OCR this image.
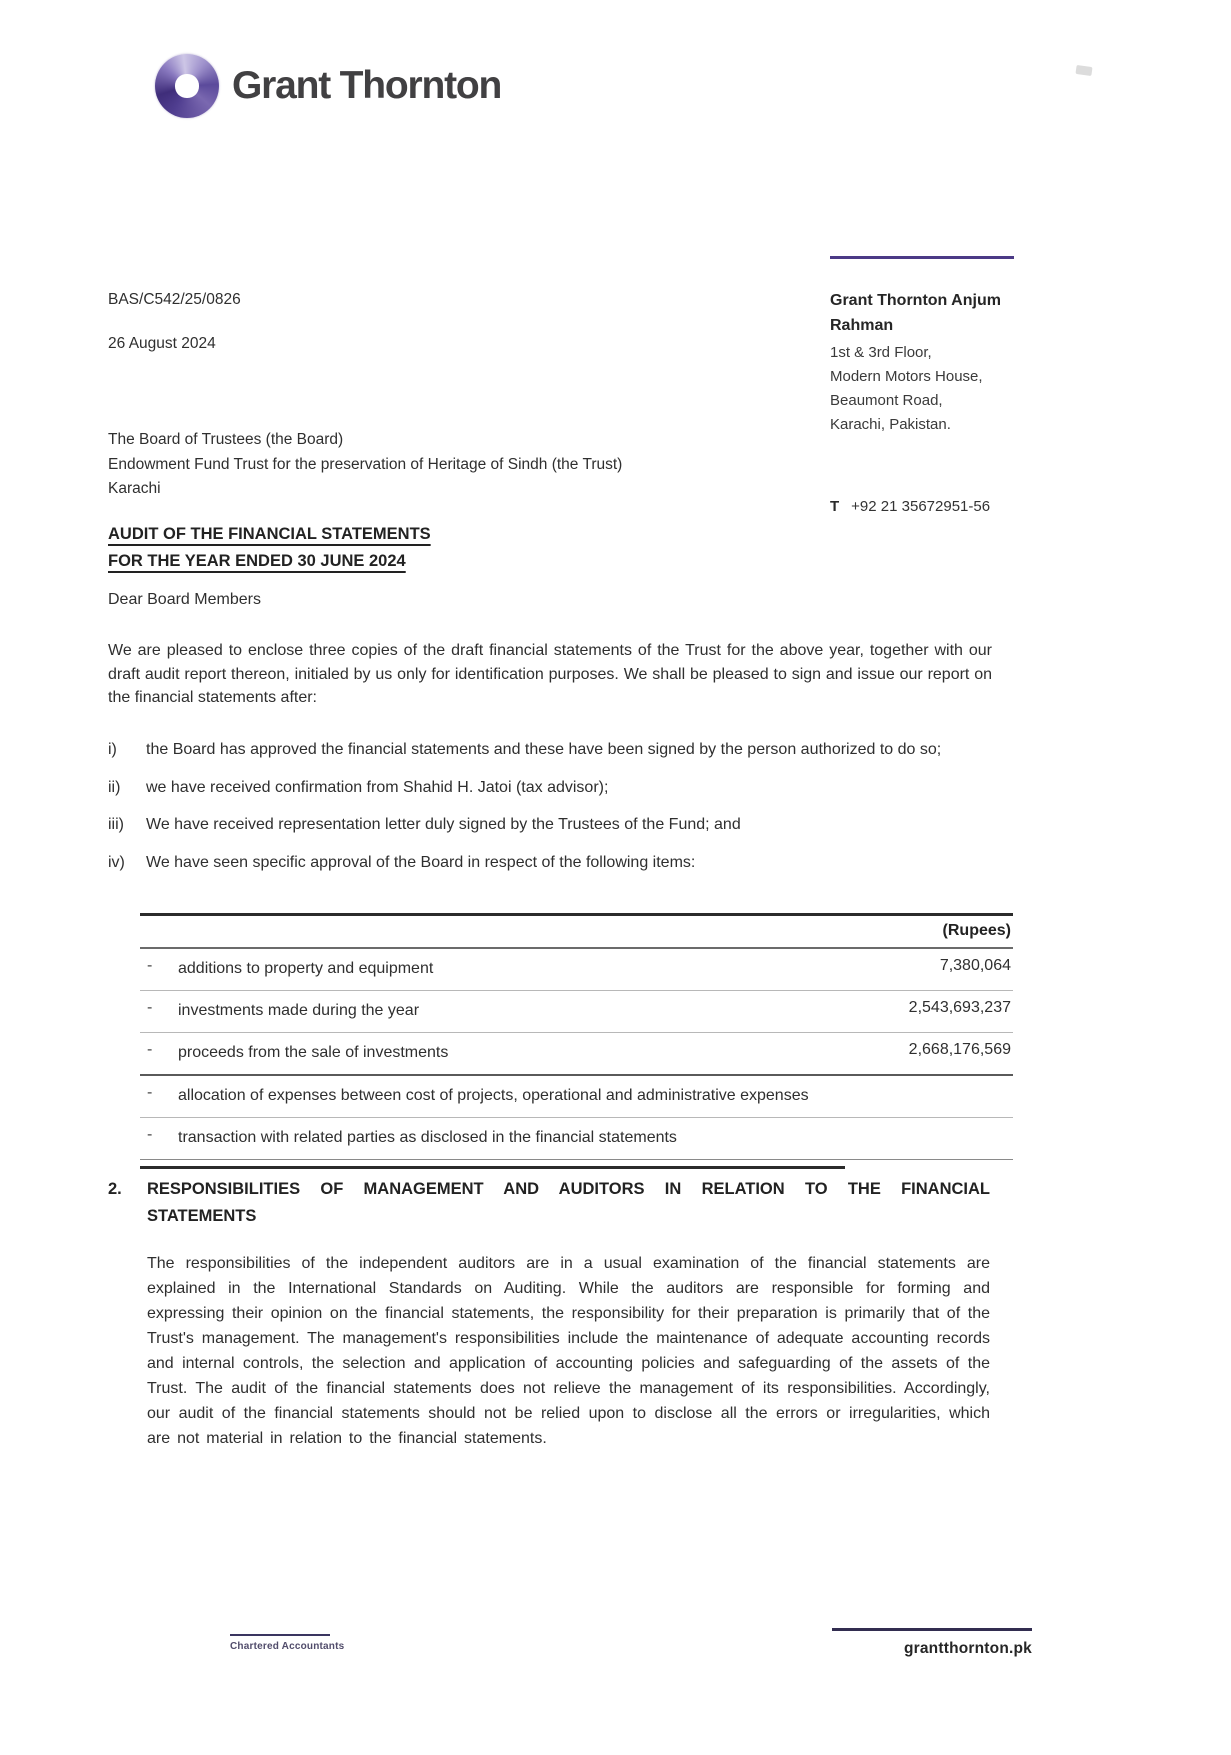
Grant Thornton
Grant Thornton Anjum Rahman
1st & 3rd Floor,
Modern Motors House,
Beaumont Road,
Karachi, Pakistan.
T +92 21 35672951-56
BAS/C542/25/0826
26 August 2024
The Board of Trustees (the Board)
Endowment Fund Trust for the preservation of Heritage of Sindh (the Trust)
Karachi
AUDIT OF THE FINANCIAL STATEMENTS
FOR THE YEAR ENDED 30 JUNE 2024
Dear Board Members
We are pleased to enclose three copies of the draft financial statements of the Trust for the above year, together with our draft audit report thereon, initialed by us only for identification purposes. We shall be pleased to sign and issue our report on the financial statements after:
i)	the Board has approved the financial statements and these have been signed by the person authorized to do so;
ii)	we have received confirmation from Shahid H. Jatoi (tax advisor);
iii)	We have received representation letter duly signed by the Trustees of the Fund; and
iv)	We have seen specific approval of the Board in respect of the following items:
(Rupees)
-	additions to property and equipment	7,380,064
-	investments made during the year	2,543,693,237
-	proceeds from the sale of investments	2,668,176,569
-	allocation of expenses between cost of projects, operational and administrative expenses
-	transaction with related parties as disclosed in the financial statements
2.	RESPONSIBILITIES OF MANAGEMENT AND AUDITORS IN RELATION TO THE FINANCIAL
STATEMENTS
The responsibilities of the independent auditors are in a usual examination of the financial statements are explained in the International Standards on Auditing. While the auditors are responsible for forming and expressing their opinion on the financial statements, the responsibility for their preparation is primarily that of the Trust's management. The management's responsibilities include the maintenance of adequate accounting records and internal controls, the selection and application of accounting policies and safeguarding of the assets of the Trust. The audit of the financial statements does not relieve the management of its responsibilities. Accordingly, our audit of the financial statements should not be relied upon to disclose all the errors or irregularities, which are not material in relation to the financial statements.
Chartered Accountants	grantthornton.pk
